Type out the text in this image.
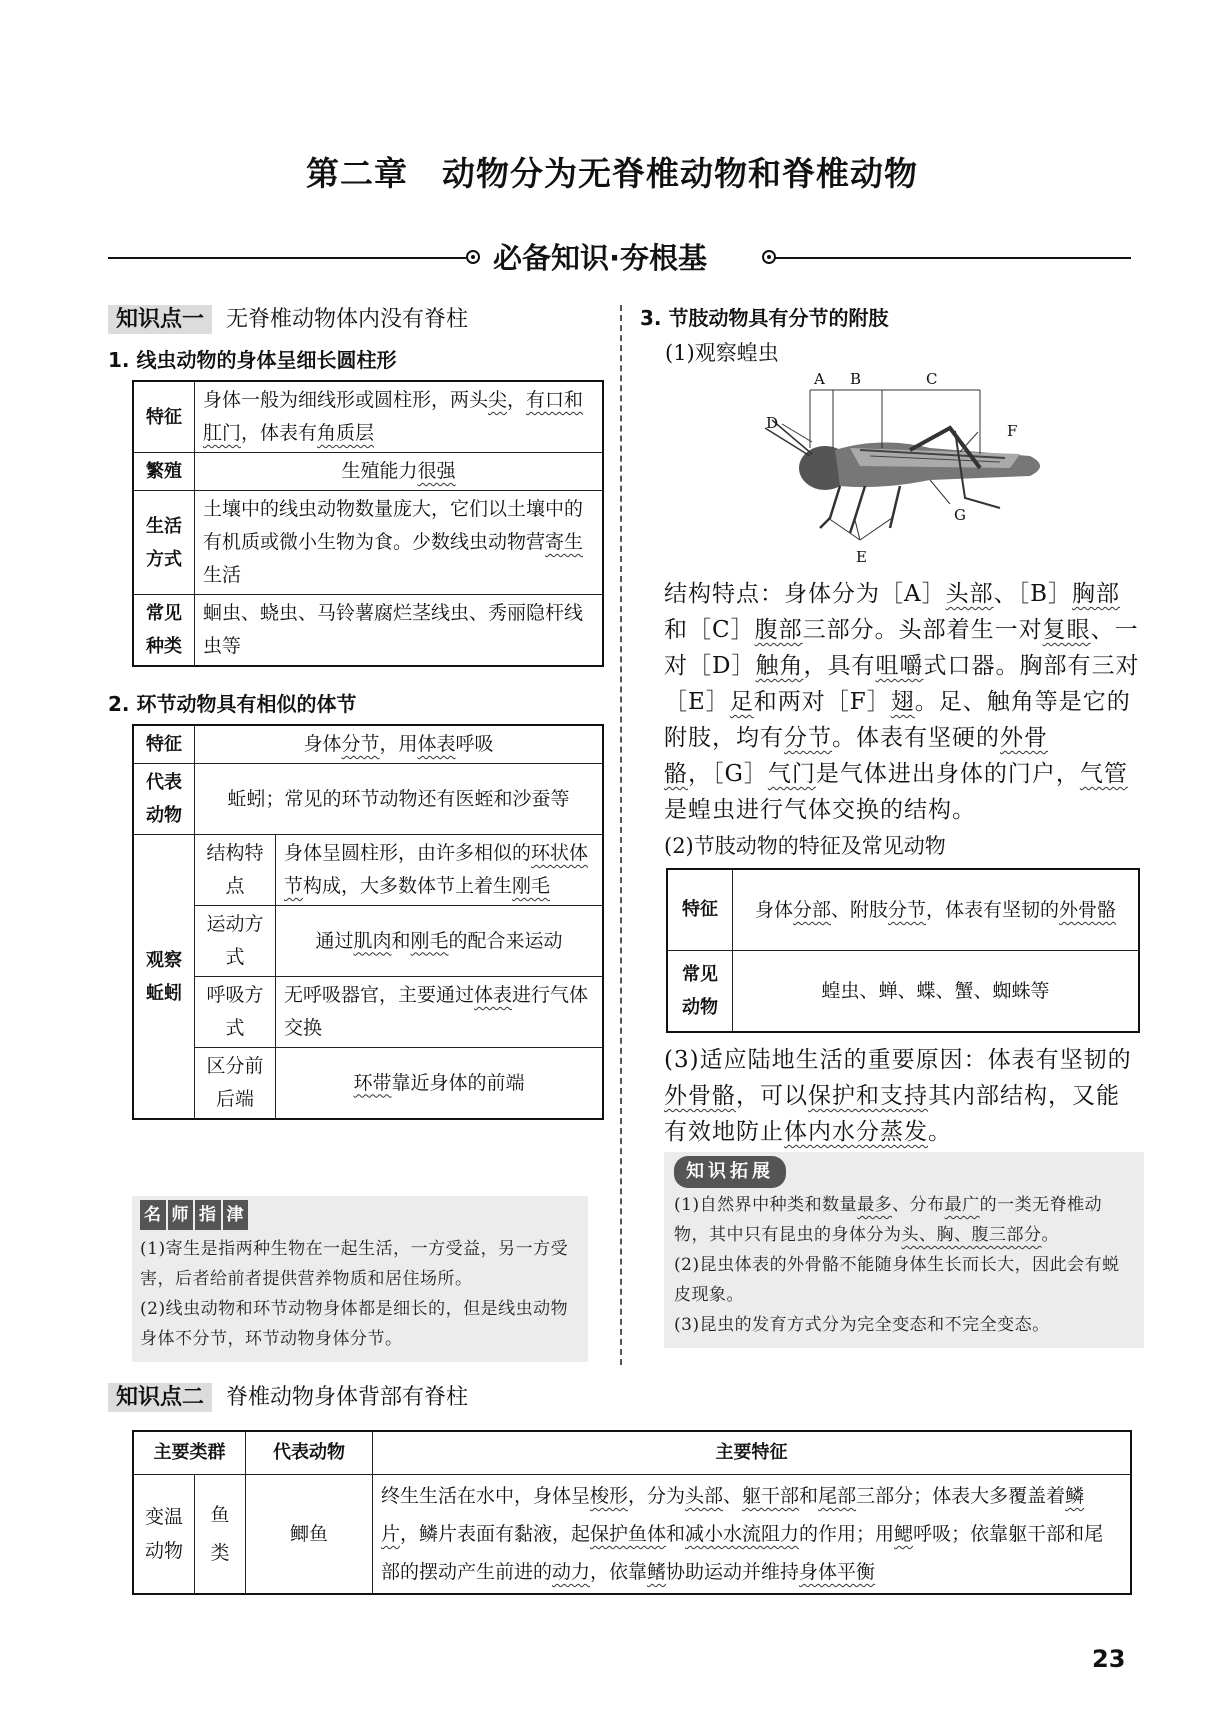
第二章　动物分为无脊椎动物和脊椎动物
必备知识·夯根基
知识点一 无脊椎动物体内没有脊柱
1. 线虫动物的身体呈细长圆柱形
特征	身体一般为细线形或圆柱形，两头尖，有口和肛门，体表有角质层
繁殖	生殖能力很强
生活方式	土壤中的线虫动物数量庞大，它们以土壤中的有机质或微小生物为食。少数线虫动物营寄生生活
常见种类	蛔虫、蛲虫、马铃薯腐烂茎线虫、秀丽隐杆线虫等
2. 环节动物具有相似的体节
特征	身体分节，用体表呼吸	
代表动物	蚯蚓；常见的环节动物还有医蛭和沙蚕等	
观察蚯蚓	结构特点	身体呈圆柱形，由许多相似的环状体节构成，大多数体节上着生刚毛
	运动方式	通过肌肉和刚毛的配合来运动
	呼吸方式	无呼吸器官，主要通过体表进行气体交换
	区分前后端	环带靠近身体的前端
名 师 指 津
(1)寄生是指两种生物在一起生活，一方受益，另一方受害，后者给前者提供营养物质和居住场所。
(2)线虫动物和环节动物身体都是细长的，但是线虫动物身体不分节，环节动物身体分节。
3. 节肢动物具有分节的附肢
(1)观察蝗虫
A B	C
D
E
F
G
结构特点：身体分为［A］头部、［B］胸部和［C］腹部三部分。头部着生一对复眼、一对［D］触角，具有咀嚼式口器。胸部有三对［E］足和两对［F］翅。足、触角等是它的附肢，均有分节。体表有坚硬的外骨骼，［G］气门是气体进出身体的门户，气管是蝗虫进行气体交换的结构。
(2)节肢动物的特征及常见动物
特征	身体分部、附肢分节，体表有坚韧的外骨骼
常见动物	蝗虫、蝉、蝶、蟹、蜘蛛等
(3)适应陆地生活的重要原因：体表有坚韧的外骨骼，可以保护和支持其内部结构，又能有效地防止体内水分蒸发。
知识拓展
(1)自然界中种类和数量最多、分布最广的一类无脊椎动物，其中只有昆虫的身体分为头、胸、腹三部分。
(2)昆虫体表的外骨骼不能随身体生长而长大，因此会有蜕皮现象。
(3)昆虫的发育方式分为完全变态和不完全变态。
知识点二 脊椎动物身体背部有脊柱
主要类群		代表动物	主要特征
变温动物	鱼类	鲫鱼	终生生活在水中，身体呈梭形，分为头部、躯干部和尾部三部分；体表大多覆盖着鳞片，鳞片表面有黏液，起保护鱼体和减小水流阻力的作用；用鳃呼吸；依靠躯干部和尾部的摆动产生前进的动力，依靠鳍协助运动并维持身体平衡
23
